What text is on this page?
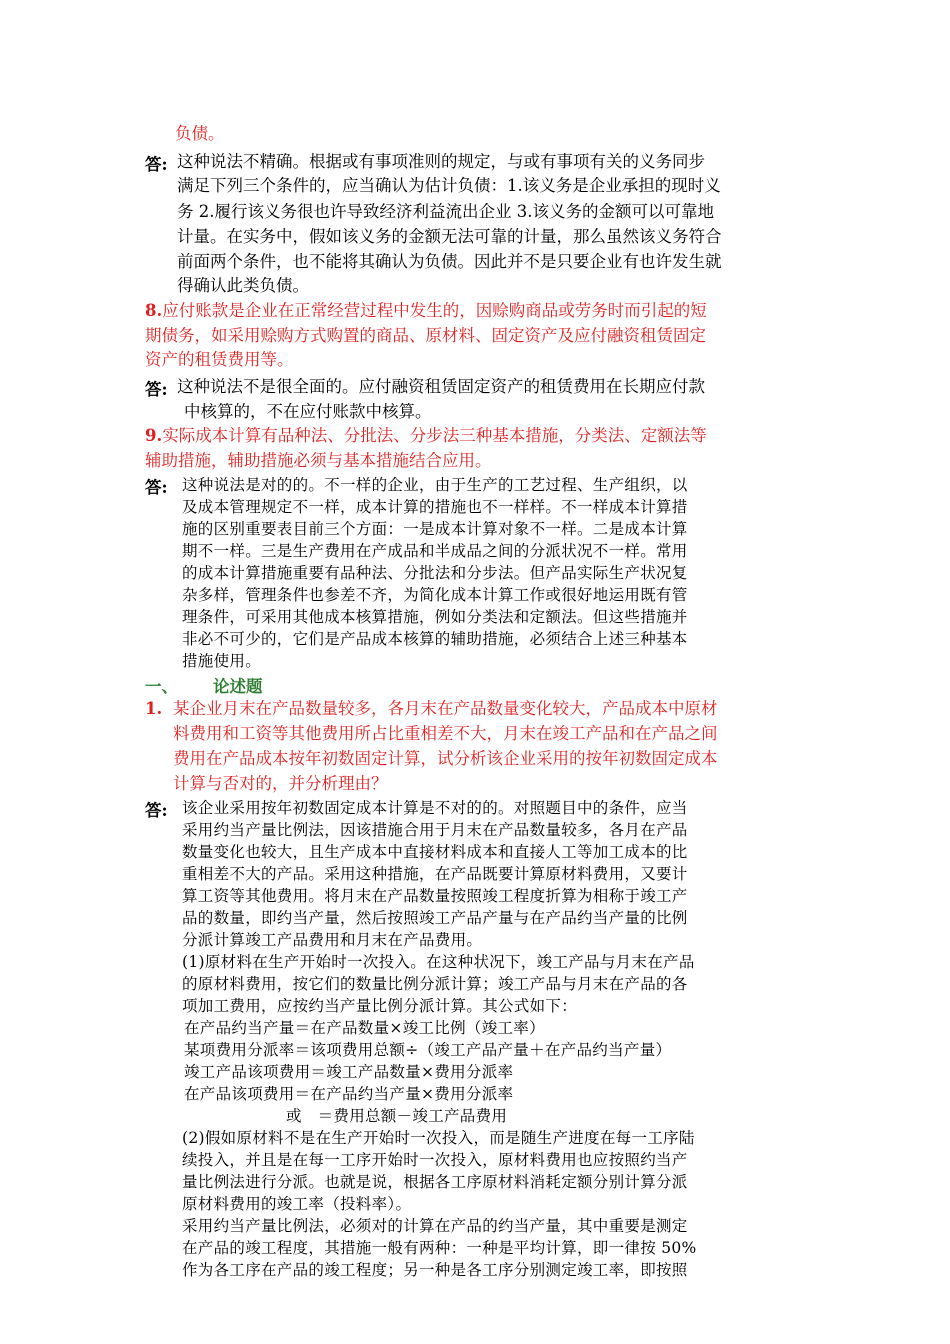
负债。
答: 这种说法不精确。根据或有事项准则的规定，与或有事项有关的义务同步
满足下列三个条件的，应当确认为估计负债：1.该义务是企业承担的现时义
务 2.履行该义务很也许导致经济利益流出企业 3.该义务的金额可以可靠地
计量。在实务中，假如该义务的金额无法可靠的计量，那么虽然该义务符合
前面两个条件，也不能将其确认为负债。因此并不是只要企业有也许发生就
得确认此类负债。
8.应付账款是企业在正常经营过程中发生的，因赊购商品或劳务时而引起的短
期债务，如采用赊购方式购置的商品、原材料、固定资产及应付融资租赁固定
资产的租赁费用等。
答: 这种说法不是很全面的。应付融资租赁固定资产的租赁费用在长期应付款
中核算的，不在应付账款中核算。
9.实际成本计算有品种法、分批法、分步法三种基本措施，分类法、定额法等
辅助措施，辅助措施必须与基本措施结合应用。
答: 这种说法是对的的。不一样的企业，由于生产的工艺过程、生产组织，以
及成本管理规定不一样，成本计算的措施也不一样样。不一样成本计算措
施的区别重要表目前三个方面：一是成本计算对象不一样。二是成本计算
期不一样。三是生产费用在产成品和半成品之间的分派状况不一样。常用
的成本计算措施重要有品种法、分批法和分步法。但产品实际生产状况复
杂多样，管理条件也参差不齐，为简化成本计算工作或很好地运用既有管
理条件，可采用其他成本核算措施，例如分类法和定额法。但这些措施并
非必不可少的，它们是产品成本核算的辅助措施，必须结合上述三种基本
措施使用。
一、 论述题
1. 某企业月末在产品数量较多，各月末在产品数量变化较大，产品成本中原材
料费用和工资等其他费用所占比重相差不大，月末在竣工产品和在产品之间
费用在产品成本按年初数固定计算，试分析该企业采用的按年初数固定成本
计算与否对的，并分析理由？
答: 该企业采用按年初数固定成本计算是不对的的。对照题目中的条件，应当
采用约当产量比例法，因该措施合用于月末在产品数量较多，各月在产品
数量变化也较大，且生产成本中直接材料成本和直接人工等加工成本的比
重相差不大的产品。采用这种措施，在产品既要计算原材料费用，又要计
算工资等其他费用。将月末在产品数量按照竣工程度折算为相称于竣工产
品的数量，即约当产量，然后按照竣工产品产量与在产品约当产量的比例
分派计算竣工产品费用和月末在产品费用。
(1)原材料在生产开始时一次投入。在这种状况下，竣工产品与月末在产品
的原材料费用，按它们的数量比例分派计算；竣工产品与月末在产品的各
项加工费用，应按约当产量比例分派计算。其公式如下：
在产品约当产量＝在产品数量×竣工比例（竣工率）
某项费用分派率＝该项费用总额÷（竣工产品产量＋在产品约当产量）
竣工产品该项费用＝竣工产品数量×费用分派率
在产品该项费用＝在产品约当产量×费用分派率
或　＝费用总额－竣工产品费用
(2)假如原材料不是在生产开始时一次投入，而是随生产进度在每一工序陆
续投入，并且是在每一工序开始时一次投入，原材料费用也应按照约当产
量比例法进行分派。也就是说，根据各工序原材料消耗定额分别计算分派
原材料费用的竣工率（投料率）。
采用约当产量比例法，必须对的计算在产品的约当产量，其中重要是测定
在产品的竣工程度，其措施一般有两种：一种是平均计算，即一律按 50%
作为各工序在产品的竣工程度；另一种是各工序分别测定竣工率，即按照
